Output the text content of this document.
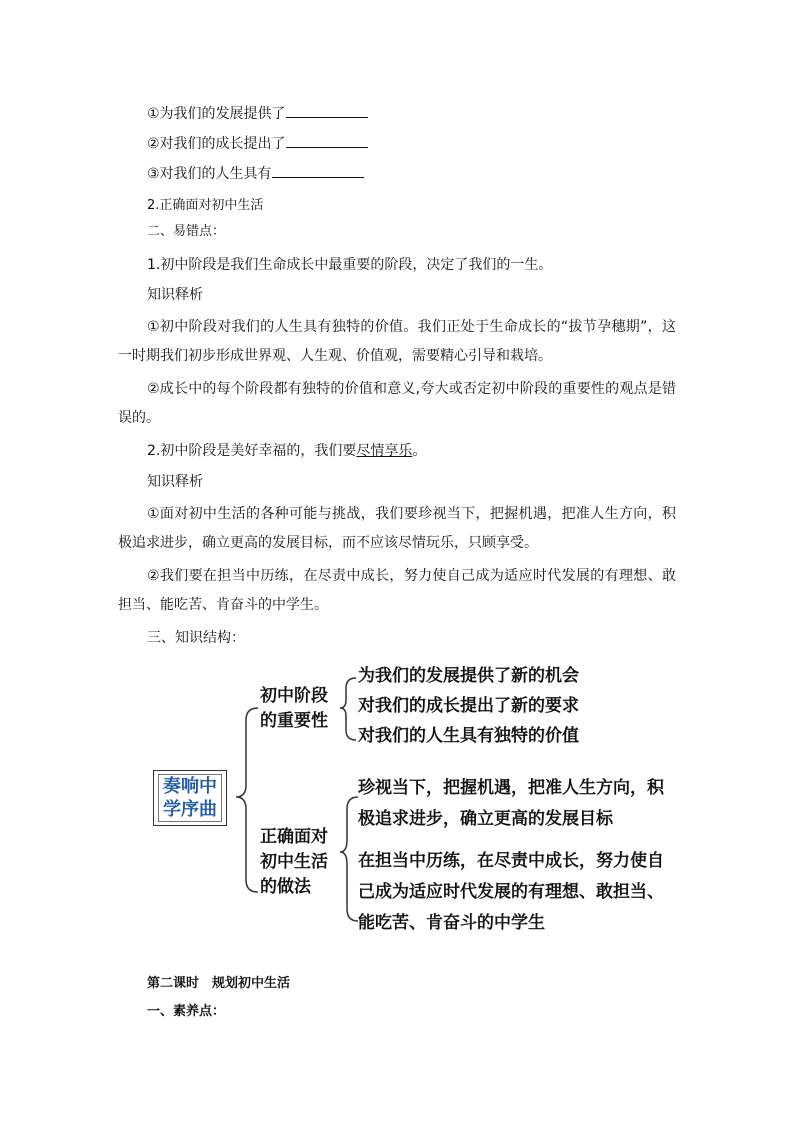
①为我们的发展提供了
②对我们的成长提出了
③对我们的人生具有
2.正确面对初中生活
二、易错点：
1.初中阶段是我们生命成长中最重要的阶段，决定了我们的一生。
知识释析
①初中阶段对我们的人生具有独特的价值。我们正处于生命成长的“拔节孕穗期”，这一时期我们初步形成世界观、人生观、价值观，需要精心引导和栽培。
②成长中的每个阶段都有独特的价值和意义,夸大或否定初中阶段的重要性的观点是错误的。
2.初中阶段是美好幸福的，我们要尽情享乐。
知识释析
①面对初中生活的各种可能与挑战，我们要珍视当下，把握机遇，把准人生方向，积极追求进步，确立更高的发展目标，而不应该尽情玩乐，只顾享受。
②我们要在担当中历练，在尽责中成长，努力使自己成为适应时代发展的有理想、敢担当、能吃苦、肯奋斗的中学生。
三、知识结构：
奏响中
学序曲
初中阶段
的重要性
为我们的发展提供了新的机会
对我们的成长提出了新的要求
对我们的人生具有独特的价值
正确面对
初中生活
的做法
珍视当下，把握机遇，把准人生方向，积
极追求进步，确立更高的发展目标
在担当中历练，在尽责中成长，努力使自
己成为适应时代发展的有理想、敢担当、
能吃苦、肯奋斗的中学生
第二课时　规划初中生活
一、素养点：
